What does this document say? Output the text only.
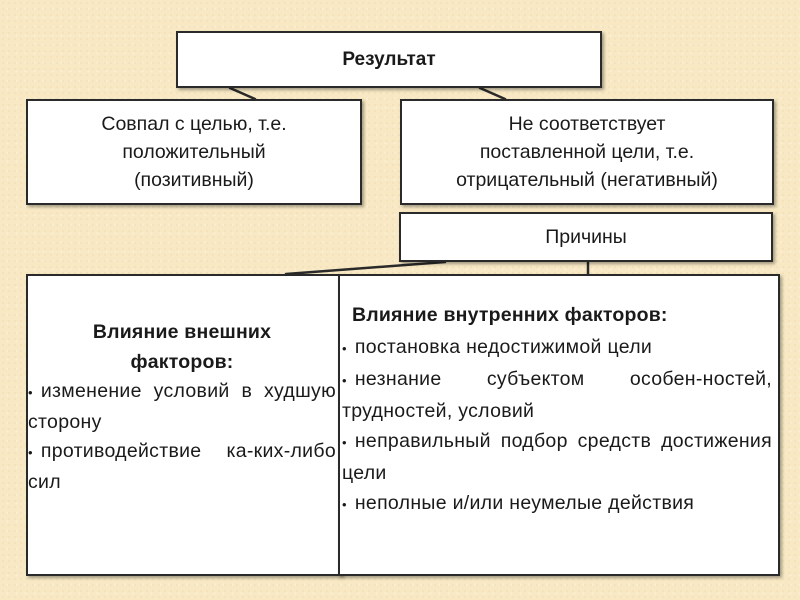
Результат
Совпал с целью, т.е.
положительный
(позитивный)
Не соответствует
поставленной цели, т.е.
отрицательный (негативный)
Причины
Влияние внешних
факторов:
• изменение условий в худшую сторону
• противодействие ка-ких-либо сил
Влияние внутренних факторов:
• постановка недостижимой цели
• незнание субъектом особен-ностей, трудностей, условий
• неправильный подбор средств достижения цели
• неполные и/или неумелые действия
